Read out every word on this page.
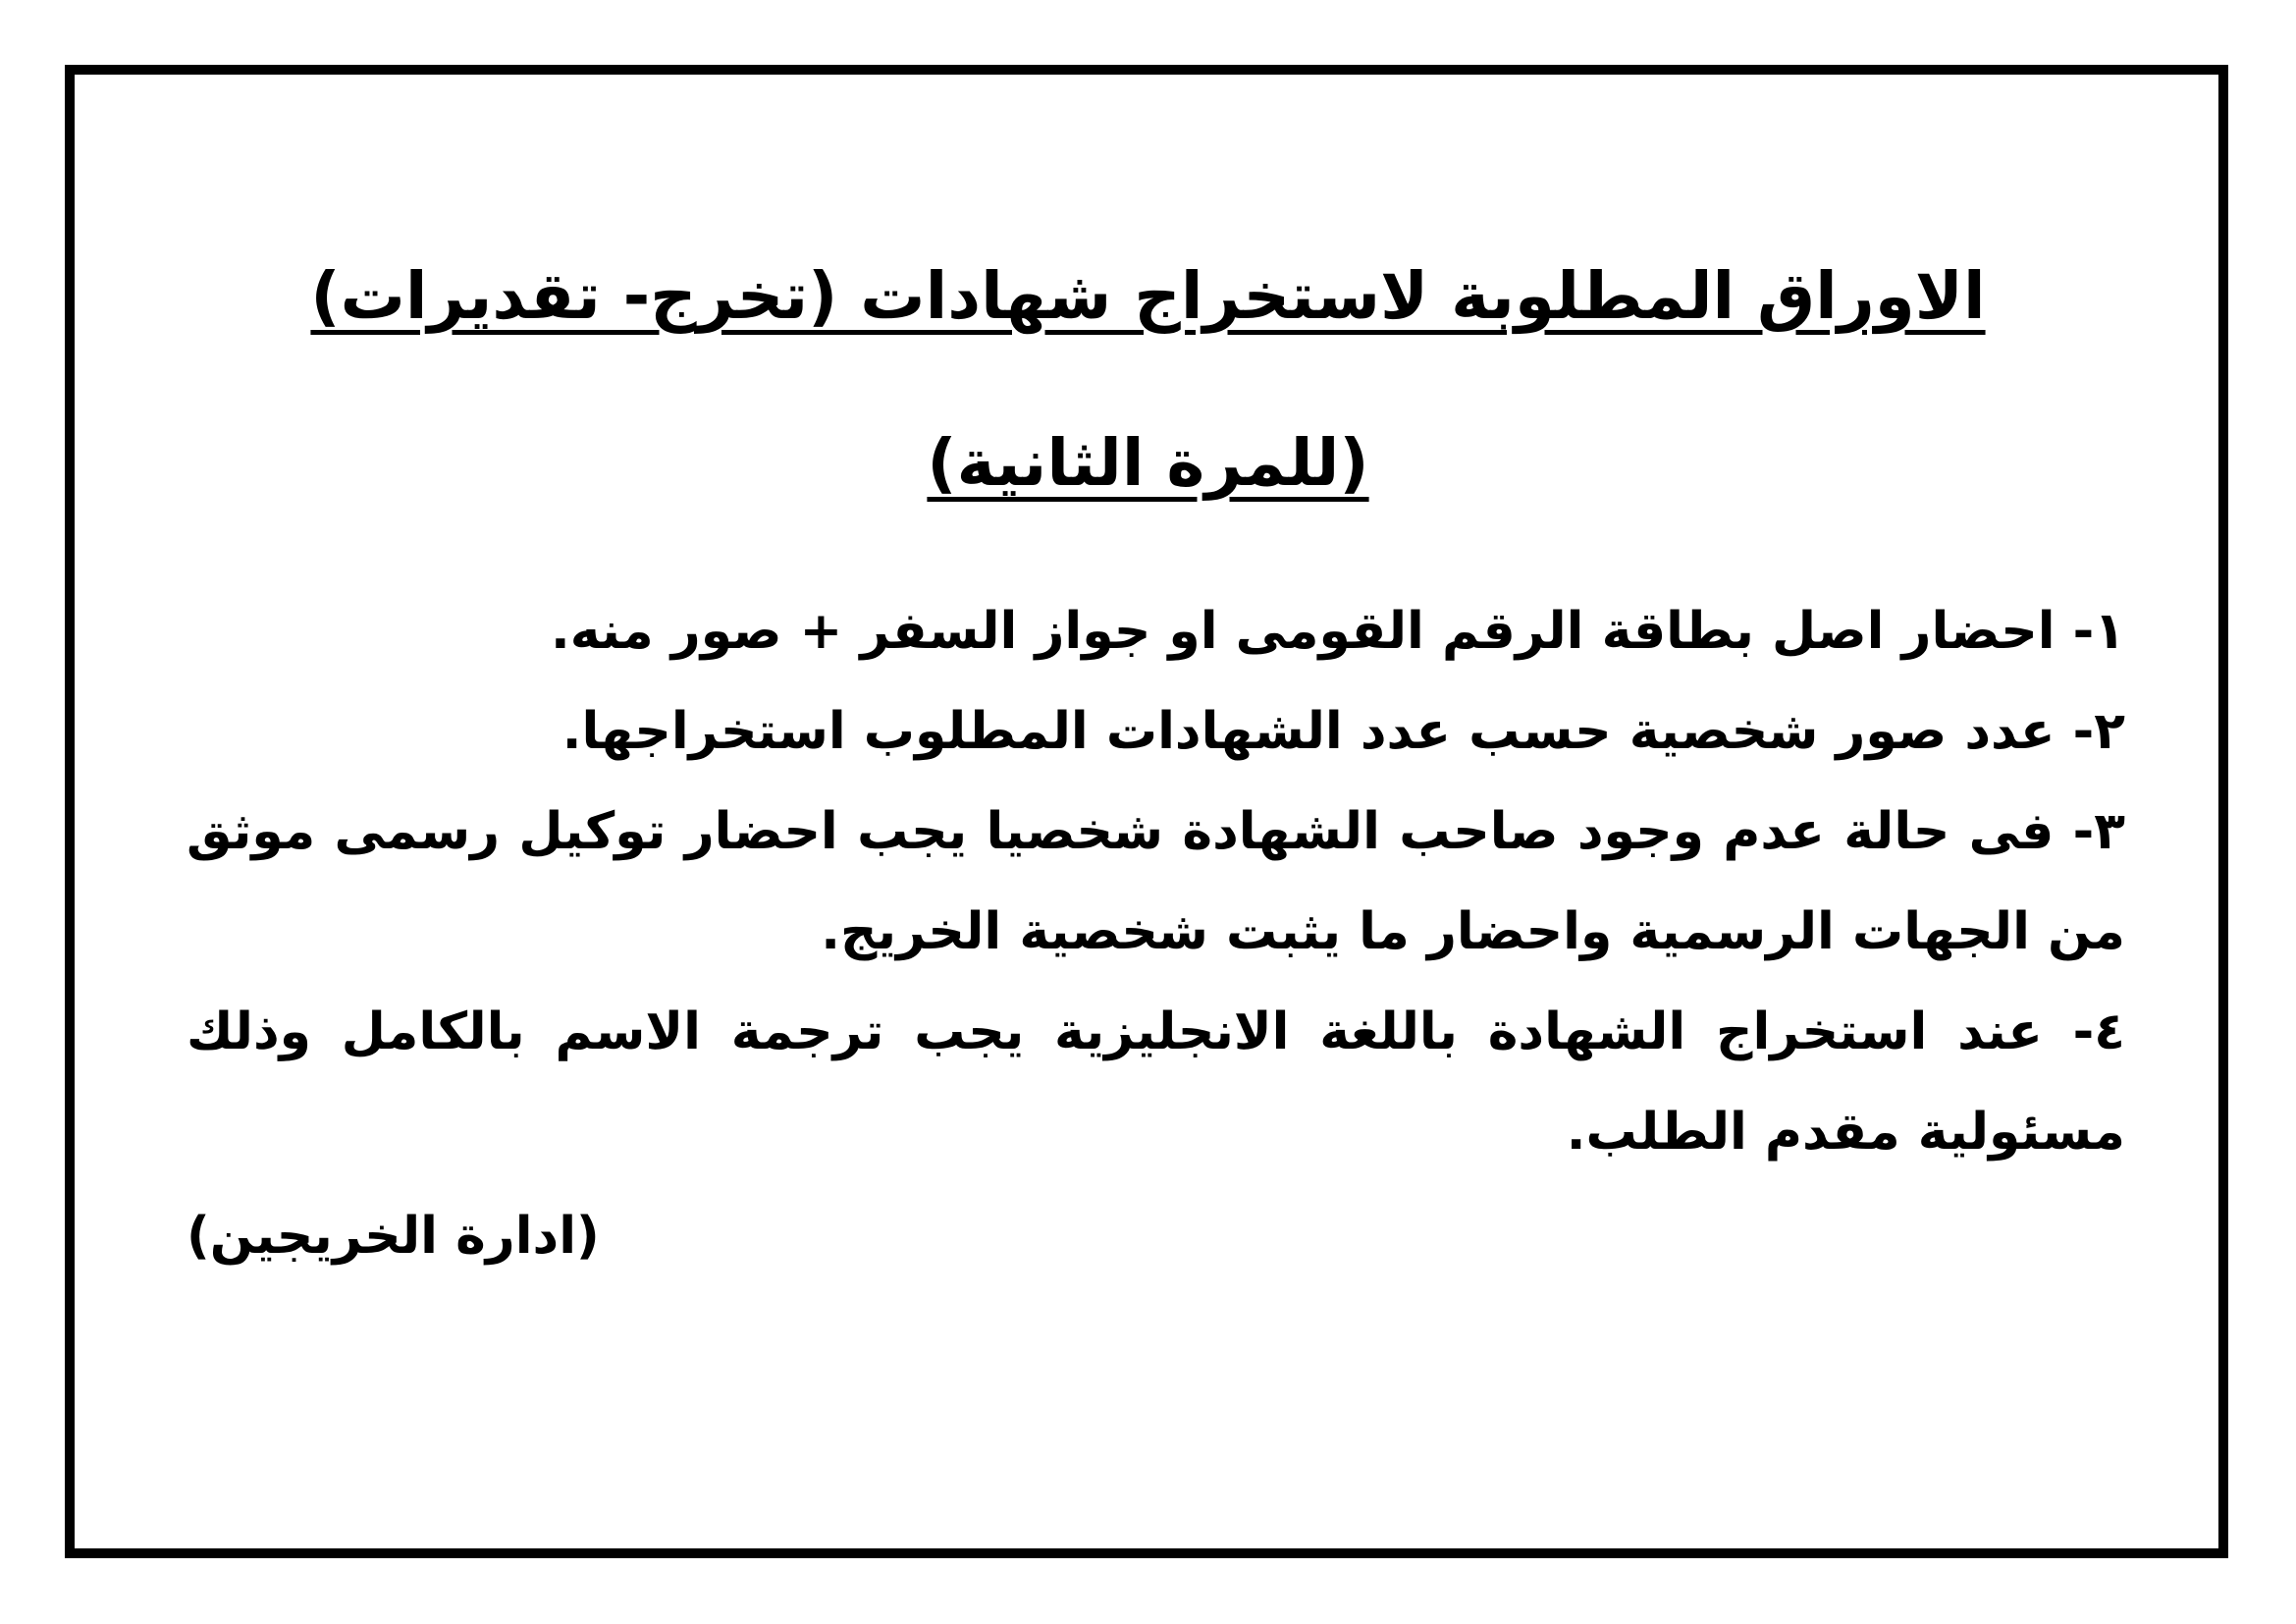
الاوراق المطلوبة لاستخراج شهادات (تخرج- تقديرات)
(للمرة الثانية)
١- احضار اصل بطاقة الرقم القومى او جواز السفر + صور منه.
٢- عدد صور شخصية حسب عدد الشهادات المطلوب استخراجها.
٣- فى حالة عدم وجود صاحب الشهادة شخصيا يجب احضار توكيل رسمى موثق من الجهات الرسمية واحضار ما يثبت شخصية الخريج.
٤- عند استخراج الشهادة باللغة الانجليزية يجب ترجمة الاسم بالكامل وذلك مسئولية مقدم الطلب.
(ادارة الخريجين)
